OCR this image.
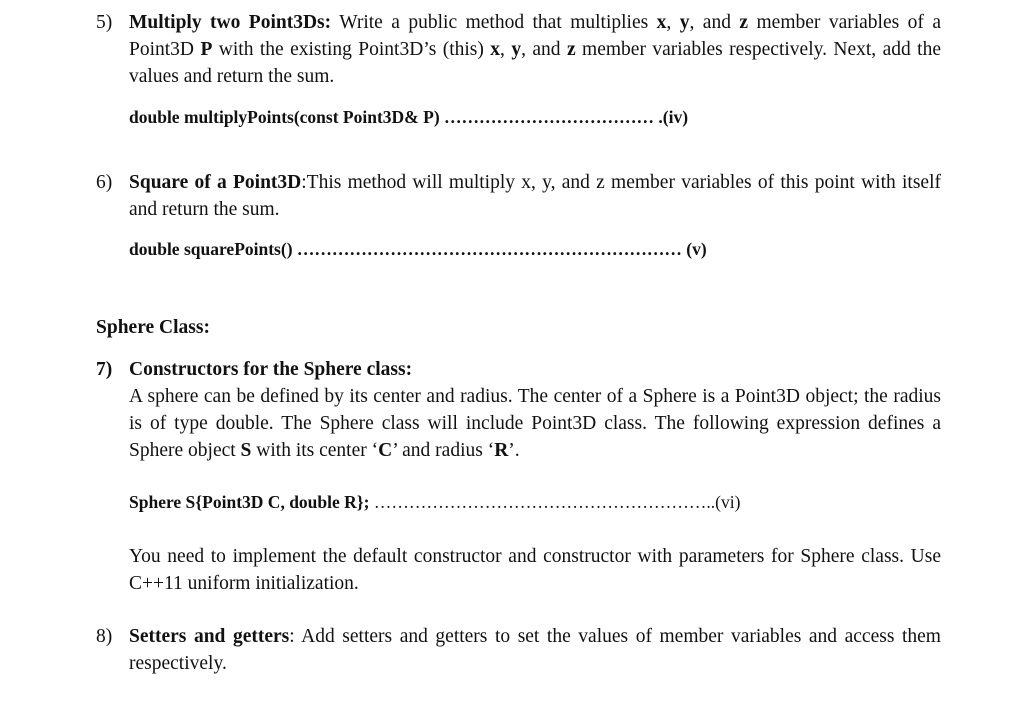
5) Multiply two Point3Ds: Write a public method that multiplies x, y, and z member variables of a Point3D P with the existing Point3D’s (this) x, y, and z member variables respectively. Next, add the values and return the sum.
double multiplyPoints(const Point3D& P) ……………………………… .(iv)
6) Square of a Point3D:This method will multiply x, y, and z member variables of this point with itself and return the sum.
double squarePoints() ………………………………………………………… (v)
Sphere Class:
7) Constructors for the Sphere class:
A sphere can be defined by its center and radius. The center of a Sphere is a Point3D object; the radius is of type double. The Sphere class will include Point3D class. The following expression defines a Sphere object S with its center ‘C’ and radius ‘R’.
Sphere S{Point3D C, double R}; …………………………………………………..(vi)
You need to implement the default constructor and constructor with parameters for Sphere class. Use C++11 uniform initialization.
8) Setters and getters: Add setters and getters to set the values of member variables and access them respectively.
